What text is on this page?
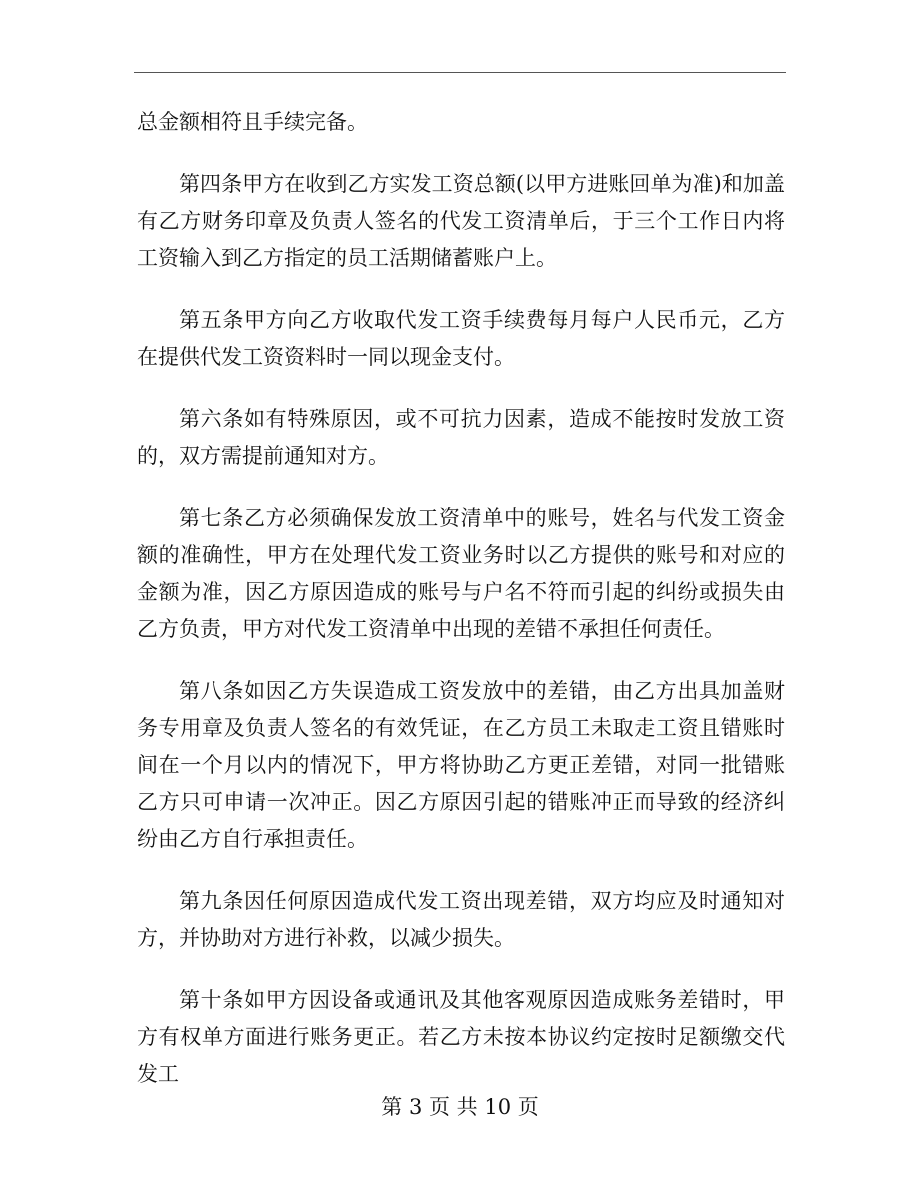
总金额相符且手续完备。

第四条甲方在收到乙方实发工资总额(以甲方进账回单为准)和加盖有乙方财务印章及负责人签名的代发工资清单后，于三个工作日内将工资输入到乙方指定的员工活期储蓄账户上。

第五条甲方向乙方收取代发工资手续费每月每户人民币元，乙方在提供代发工资资料时一同以现金支付。

第六条如有特殊原因，或不可抗力因素，造成不能按时发放工资的，双方需提前通知对方。

第七条乙方必须确保发放工资清单中的账号，姓名与代发工资金额的准确性，甲方在处理代发工资业务时以乙方提供的账号和对应的金额为准，因乙方原因造成的账号与户名不符而引起的纠纷或损失由乙方负责，甲方对代发工资清单中出现的差错不承担任何责任。

第八条如因乙方失误造成工资发放中的差错，由乙方出具加盖财务专用章及负责人签名的有效凭证，在乙方员工未取走工资且错账时间在一个月以内的情况下，甲方将协助乙方更正差错，对同一批错账乙方只可申请一次冲正。因乙方原因引起的错账冲正而导致的经济纠纷由乙方自行承担责任。

第九条因任何原因造成代发工资出现差错，双方均应及时通知对方，并协助对方进行补救，以减少损失。

第十条如甲方因设备或通讯及其他客观原因造成账务差错时，甲方有权单方面进行账务更正。若乙方未按本协议约定按时足额缴交代发工

第 3 页 共 10 页
